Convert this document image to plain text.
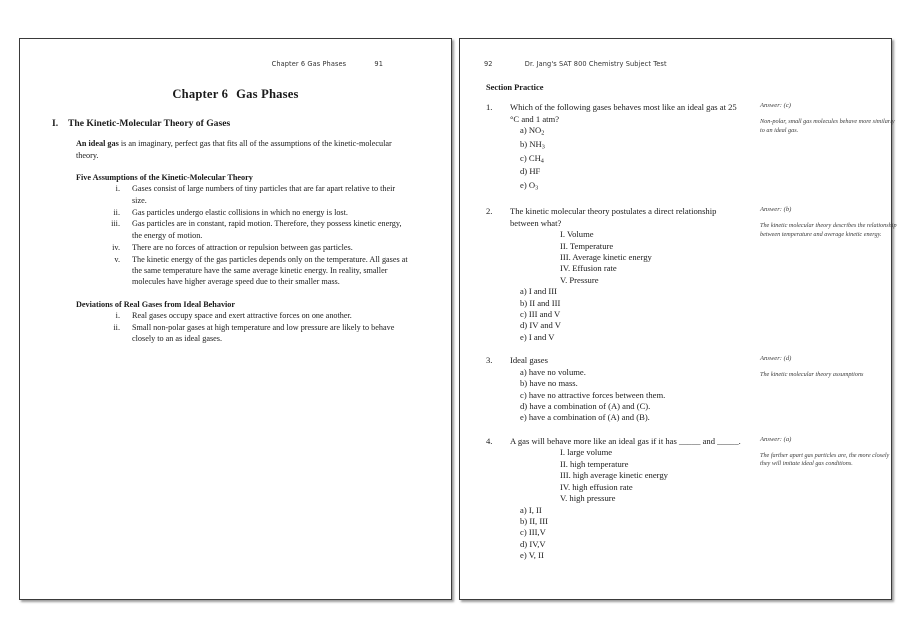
Chapter 6 Gas Phases	91
Chapter 6 Gas Phases
I. The Kinetic-Molecular Theory of Gases
An ideal gas is an imaginary, perfect gas that fits all of the assumptions of the kinetic-molecular theory.
Five Assumptions of the Kinetic-Molecular Theory
i.	Gases consist of large numbers of tiny particles that are far apart relative to their size.
ii.	Gas particles undergo elastic collisions in which no energy is lost.
iii.	Gas particles are in constant, rapid motion. Therefore, they possess kinetic energy, the energy of motion.
iv.	There are no forces of attraction or repulsion between gas particles.
v.	The kinetic energy of the gas particles depends only on the temperature. All gases at the same temperature have the same average kinetic energy. In reality, smaller molecules have higher average speed due to their smaller mass.
Deviations of Real Gases from Ideal Behavior
i.	Real gases occupy space and exert attractive forces on one another.
ii.	Small non-polar gases at high temperature and low pressure are likely to behave closely to an as ideal gases.
92	Dr. Jang's SAT 800 Chemistry Subject Test
Section Practice
1. Which of the following gases behaves most like an ideal gas at 25 °C and 1 atm?
a) $NO_2$
b) $NH_3$
c) $CH_4$
d) HF
e) $O_3$
Answer: (c)
Non-polar, small gas molecules behave more similarly to an ideal gas.
2. The kinetic molecular theory postulates a direct relationship between what?
I. Volume
II. Temperature
III. Average kinetic energy
IV. Effusion rate
V. Pressure
a) I and III
b) II and III
c) III and V
d) IV and V
e) I and V
Answer: (b)
The kinetic molecular theory describes the relationship between temperature and average kinetic energy.
3. Ideal gases
a) have no volume.
b) have no mass.
c) have no attractive forces between them.
d) have a combination of (A) and (C).
e) have a combination of (A) and (B).
Answer: (d)
The kinetic molecular theory assumptions
4. A gas will behave more like an ideal gas if it has _____ and _____.
I. large volume
II. high temperature
III. high average kinetic energy
IV. high effusion rate
V. high pressure
a) I, II
b) II, III
c) III,V
d) IV,V
e) V, II
Answer: (a)
The farther apart gas particles are, the more closely they will imitate ideal gas conditions.
